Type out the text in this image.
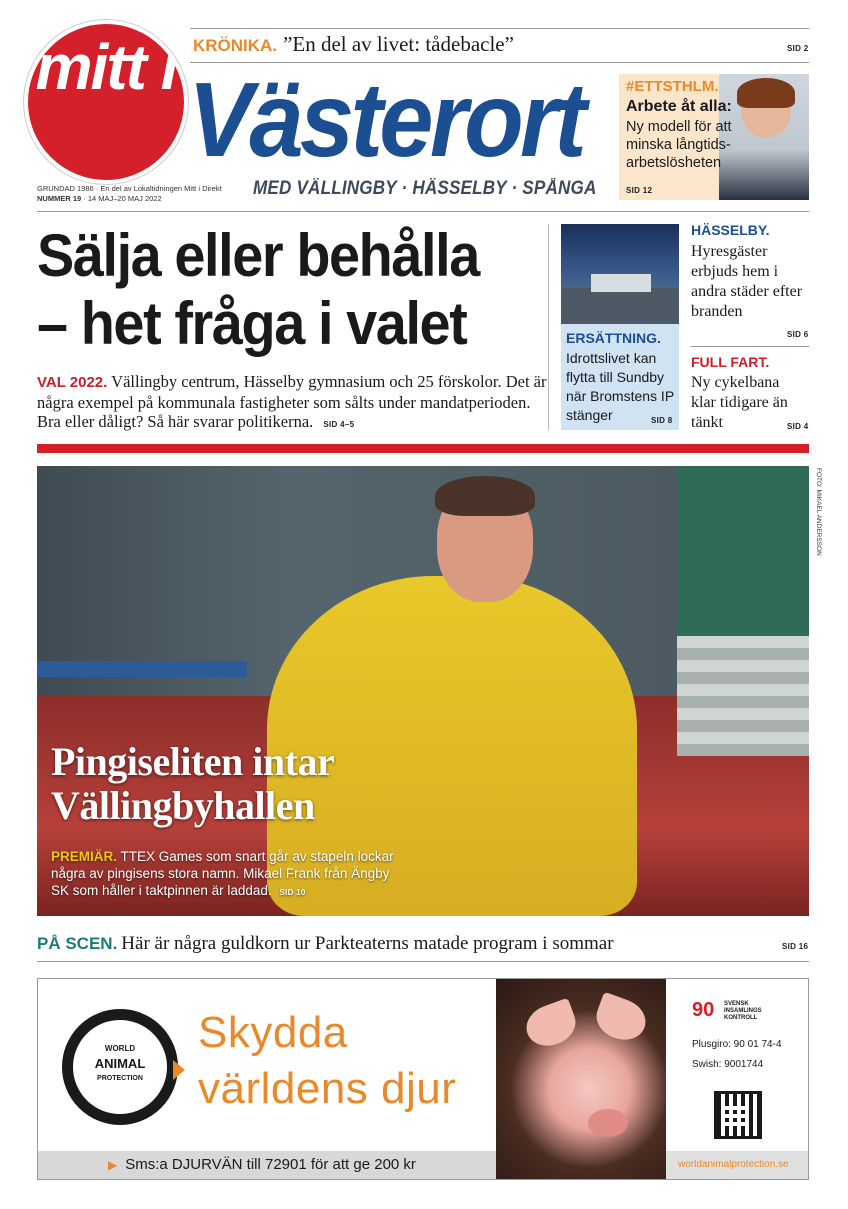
KRÖNIKA. ”En del av livet: tådebacle”	SID 2
mitt i Västerort
MED VÄLLINGBY · HÄSSELBY · SPÅNGA
GRUNDAD 1986 · En del av Lokaltidningen Mitt i Direkt
NUMMER 19 · 14 MAJ–20 MAJ 2022
#ETTSTHLM.
Arbete åt alla:
Ny modell för att minska långtids-arbetslösheten
SID 12
Sälja eller behålla
– het fråga i valet
VAL 2022. Vällingby centrum, Hässelby gymnasium och 25 förskolor. Det är några exempel på kommunala fastigheter som sålts under mandatperioden. Bra eller dåligt? Så här svarar politikerna. SID 4–5
ERSÄTTNING.
Idrottslivet kan flytta till Sundby när Bromstens IP stänger	SID 8
HÄSSELBY.
Hyresgäster erbjuds hem i andra städer efter branden
SID 6
FULL FART.
Ny cykelbana klar tidigare än tänkt	SID 4
Pingiseliten intar
Vällingbyhallen
PREMIÄR. TTEX Games som snart går av stapeln lockar några av pingisens stora namn. Mikael Frank från Ängby SK som håller i taktpinnen är laddad. SID 10
FOTO: MIKAEL ANDERSSON
PÅ SCEN. Här är några guldkorn ur Parkteaterns matade program i sommar	SID 16
WORLD
ANIMAL
PROTECTION
Skydda
världens djur
▶ Sms:a DJURVÄN till 72901 för att ge 200 kr
90 SVENSK INSAMLINGS KONTROLL
Plusgiro: 90 01 74-4
Swish: 9001744
worldanimalprotection.se
